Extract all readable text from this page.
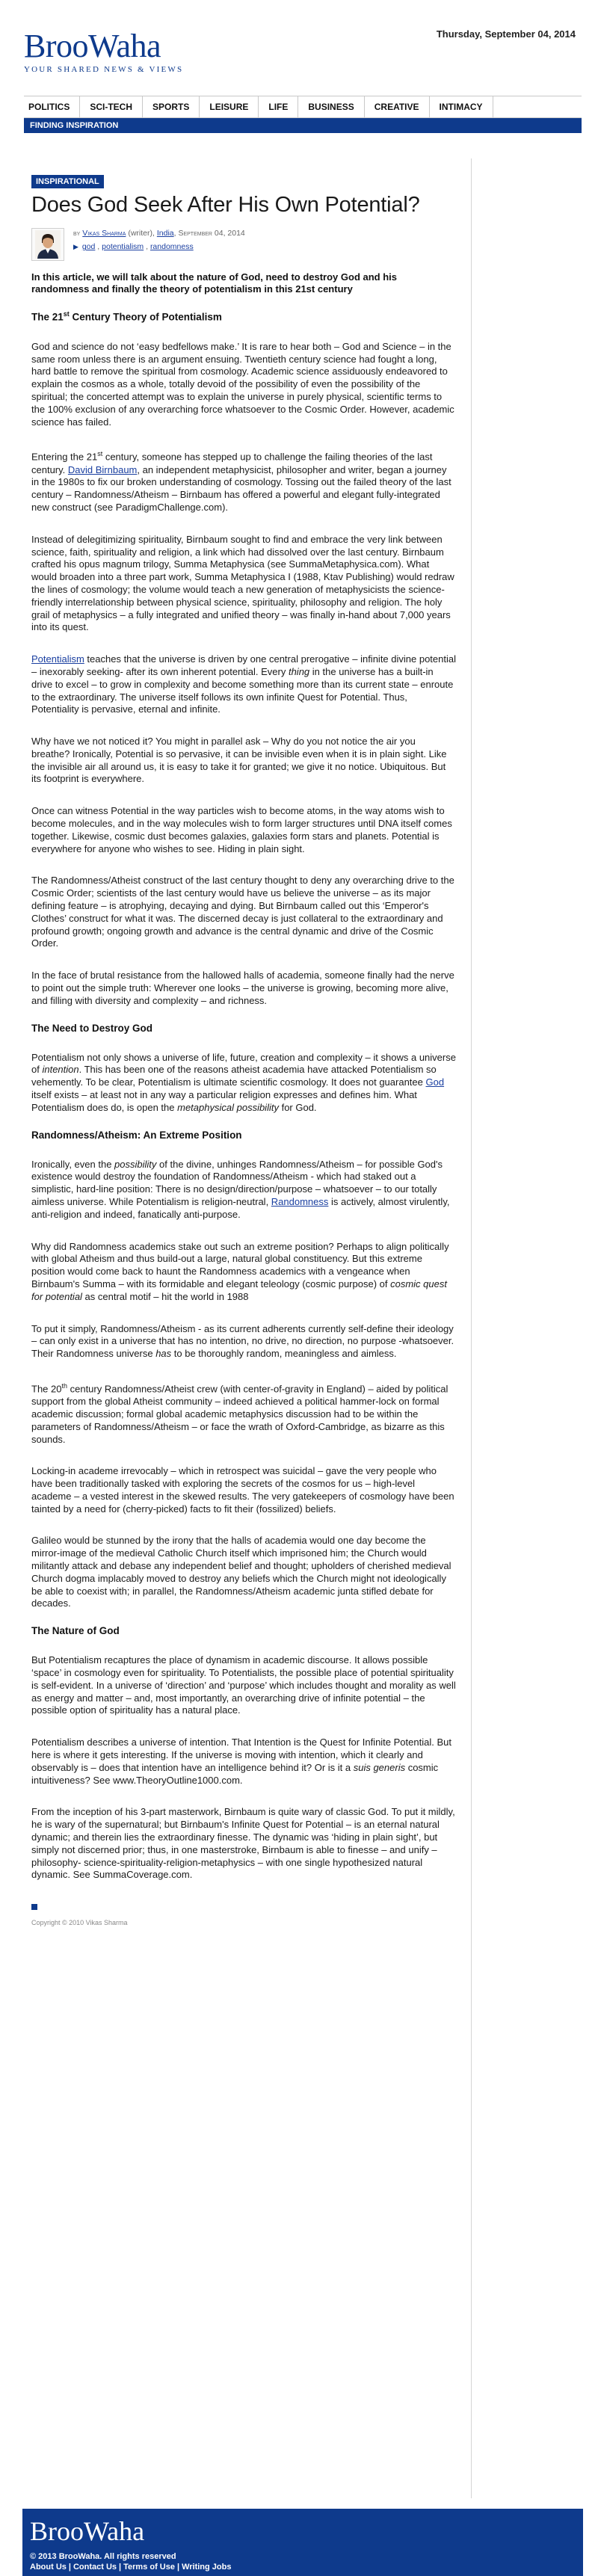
BrooWaha
YOUR SHARED NEWS & VIEWS
Thursday, September 04, 2014
POLITICS	SCI-TECH	SPORTS	LEISURE	LIFE	BUSINESS	CREATIVE	INTIMACY
FINDING INSPIRATION
INSPIRATIONAL
Does God Seek After His Own Potential?
by Vikas Sharma (writer), India, September 04, 2014
▶ god , potentialism , randomness

In this article, we will talk about the nature of God, need to destroy God and his randomness and finally the theory of potentialism in this 21st century

The 21st Century Theory of Potentialism

God and science do not ‘easy bedfellows make.’ It is rare to hear both – God and Science – in the same room unless there is an argument ensuing. Twentieth century science had fought a long, hard battle to remove the spiritual from cosmology. Academic science assiduously endeavored to explain the cosmos as a whole, totally devoid of the possibility of even the possibility of the spiritual; the concerted attempt was to explain the universe in purely physical, scientific terms to the 100% exclusion of any overarching force whatsoever to the Cosmic Order. However, academic science has failed.

Entering the 21st century, someone has stepped up to challenge the failing theories of the last century. David Birnbaum, an independent metaphysicist, philosopher and writer, began a journey in the 1980s to fix our broken understanding of cosmology. Tossing out the failed theory of the last century – Randomness/Atheism – Birnbaum has offered a powerful and elegant fully-integrated new construct (see ParadigmChallenge.com).

Instead of delegitimizing spirituality, Birnbaum sought to find and embrace the very link between science, faith, spirituality and religion, a link which had dissolved over the last century. Birnbaum crafted his opus magnum trilogy, Summa Metaphysica (see SummaMetaphysica.com). What would broaden into a three part work, Summa Metaphysica I (1988, Ktav Publishing) would redraw the lines of cosmology; the volume would teach a new generation of metaphysicists the science-friendly interrelationship between physical science, spirituality, philosophy and religion. The holy grail of metaphysics – a fully integrated and unified theory – was finally in-hand about 7,000 years into its quest.

Potentialism teaches that the universe is driven by one central prerogative – infinite divine potential – inexorably seeking- after its own inherent potential. Every thing in the universe has a built-in drive to excel – to grow in complexity and become something more than its current state – enroute to the extraordinary. The universe itself follows its own infinite Quest for Potential. Thus, Potentiality is pervasive, eternal and infinite.

Why have we not noticed it? You might in parallel ask – Why do you not notice the air you breathe? Ironically, Potential is so pervasive, it can be invisible even when it is in plain sight. Like the invisible air all around us, it is easy to take it for granted; we give it no notice. Ubiquitous. But its footprint is everywhere.

Once can witness Potential in the way particles wish to become atoms, in the way atoms wish to become molecules, and in the way molecules wish to form larger structures until DNA itself comes together. Likewise, cosmic dust becomes galaxies, galaxies form stars and planets. Potential is everywhere for anyone who wishes to see. Hiding in plain sight.

The Randomness/Atheist construct of the last century thought to deny any overarching drive to the Cosmic Order; scientists of the last century would have us believe the universe – as its major defining feature – is atrophying, decaying and dying. But Birnbaum called out this ‘Emperor's Clothes’ construct for what it was. The discerned decay is just collateral to the extraordinary and profound growth; ongoing growth and advance is the central dynamic and drive of the Cosmic Order.

In the face of brutal resistance from the hallowed halls of academia, someone finally had the nerve to point out the simple truth: Wherever one looks – the universe is growing, becoming more alive, and filling with diversity and complexity – and richness.

The Need to Destroy God

Potentialism not only shows a universe of life, future, creation and complexity – it shows a universe of intention. This has been one of the reasons atheist academia have attacked Potentialism so vehemently. To be clear, Potentialism is ultimate scientific cosmology. It does not guarantee God itself exists – at least not in any way a particular religion expresses and defines him. What Potentialism does do, is open the metaphysical possibility for God.

Randomness/Atheism: An Extreme Position

Ironically, even the possibility of the divine, unhinges Randomness/Atheism – for possible God's existence would destroy the foundation of Randomness/Atheism - which had staked out a simplistic, hard-line position: There is no design/direction/purpose – whatsoever – to our totally aimless universe. While Potentialism is religion-neutral, Randomness is actively, almost virulently, anti-religion and indeed, fanatically anti-purpose.

Why did Randomness academics stake out such an extreme position? Perhaps to align politically with global Atheism and thus build-out a large, natural global constituency. But this extreme position would come back to haunt the Randomness academics with a vengeance when Birnbaum's Summa – with its formidable and elegant teleology (cosmic purpose) of cosmic quest for potential as central motif – hit the world in 1988

To put it simply, Randomness/Atheism - as its current adherents currently self-define their ideology – can only exist in a universe that has no intention, no drive, no direction, no purpose -whatsoever. Their Randomness universe has to be thoroughly random, meaningless and aimless.

The 20th century Randomness/Atheist crew (with center-of-gravity in England) – aided by political support from the global Atheist community – indeed achieved a political hammer-lock on formal academic discussion; formal global academic metaphysics discussion had to be within the parameters of Randomness/Atheism – or face the wrath of Oxford-Cambridge, as bizarre as this sounds.

Locking-in academe irrevocably – which in retrospect was suicidal – gave the very people who have been traditionally tasked with exploring the secrets of the cosmos for us – high-level academe – a vested interest in the skewed results. The very gatekeepers of cosmology have been tainted by a need for (cherry-picked) facts to fit their (fossilized) beliefs.

Galileo would be stunned by the irony that the halls of academia would one day become the mirror-image of the medieval Catholic Church itself which imprisoned him; the Church would militantly attack and debase any independent belief and thought; upholders of cherished medieval Church dogma implacably moved to destroy any beliefs which the Church might not ideologically be able to coexist with; in parallel, the Randomness/Atheism academic junta stifled debate for decades.

The Nature of God

But Potentialism recaptures the place of dynamism in academic discourse. It allows possible ‘space’ in cosmology even for spirituality. To Potentialists, the possible place of potential spirituality is self-evident. In a universe of ‘direction’ and ‘purpose’ which includes thought and morality as well as energy and matter – and, most importantly, an overarching drive of infinite potential – the possible option of spirituality has a natural place.

Potentialism describes a universe of intention. That Intention is the Quest for Infinite Potential. But here is where it gets interesting. If the universe is moving with intention, which it clearly and observably is – does that intention have an intelligence behind it? Or is it a suis generis cosmic intuitiveness? See www.TheoryOutline1000.com.

From the inception of his 3-part masterwork, Birnbaum is quite wary of classic God. To put it mildly, he is wary of the supernatural; but Birnbaum's Infinite Quest for Potential – is an eternal natural dynamic; and therein lies the extraordinary finesse. The dynamic was ‘hiding in plain sight’, but simply not discerned prior; thus, in one masterstroke, Birnbaum is able to finesse – and unify – philosophy- science-spirituality-religion-metaphysics – with one single hypothesized natural dynamic. See SummaCoverage.com.

Copyright © 2010 Vikas Sharma
BrooWaha
© 2013 BrooWaha. All rights reserved
About Us | Contact Us | Terms of Use | Writing Jobs
